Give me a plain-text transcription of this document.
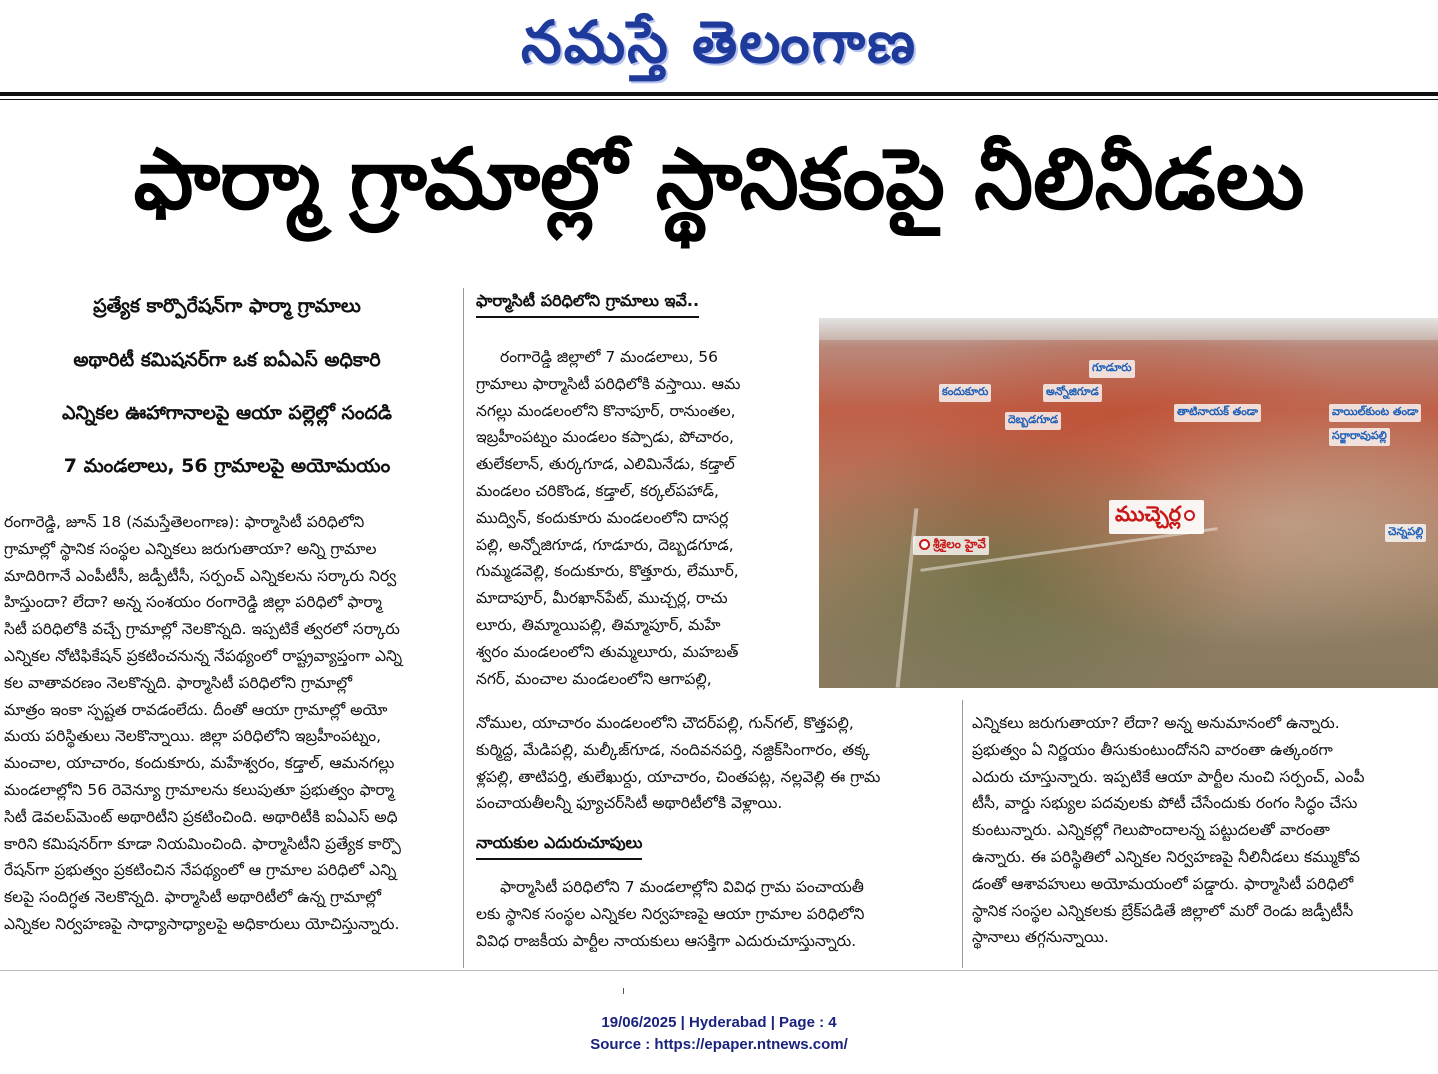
నమస్తే తెలంగాణ
ఫార్మా గ్రామాల్లో స్థానికంపై నీలినీడలు
ప్రత్యేక కార్పొరేషన్‌గా ఫార్మా గ్రామాలు
అథారిటీ కమిషనర్‌గా ఒక ఐఏఎస్ అధికారి
ఎన్నికల ఊహాగానాలపై ఆయా పల్లెల్లో సందడి
7 మండలాలు, 56 గ్రామాలపై అయోమయం

రంగారెడ్డి, జూన్ 18 (నమస్తేతెలంగాణ): ఫార్మాసిటీ పరిధిలోని

గ్రామాల్లో స్థానిక సంస్థల ఎన్నికలు జరుగుతాయా? అన్ని గ్రామాల

మాదిరిగానే ఎంపీటీసీ, జడ్పీటీసీ, సర్పంచ్ ఎన్నికలను సర్కారు నిర్వ

హిస్తుందా? లేదా? అన్న సంశయం రంగారెడ్డి జిల్లా పరిధిలో ఫార్మా

సిటీ పరిధిలోకి వచ్చే గ్రామాల్లో నెలకొన్నది. ఇప్పటికే త్వరలో సర్కారు

ఎన్నికల నోటిఫికేషన్ ప్రకటించనున్న నేపథ్యంలో రాష్ట్రవ్యాప్తంగా ఎన్ని

కల వాతావరణం నెలకొన్నది. ఫార్మాసిటీ పరిధిలోని గ్రామాల్లో

మాత్రం ఇంకా స్పష్టత రావడంలేదు. దీంతో ఆయా గ్రామాల్లో అయో

మయ పరిస్థితులు నెలకొన్నాయి. జిల్లా పరిధిలోని ఇబ్రహీంపట్నం,

మంచాల, యాచారం, కందుకూరు, మహేశ్వరం, కడ్తాల్, ఆమనగల్లు

మండలాల్లోని 56 రెవెన్యూ గ్రామాలను కలుపుతూ ప్రభుత్వం ఫార్మా

సిటీ డెవలప్‌మెంట్ అథారిటీని ప్రకటించింది. అథారిటీకి ఐఏఎస్ అధి

కారిని కమిషనర్‌గా కూడా నియమించింది. ఫార్మాసిటీని ప్రత్యేక కార్పొ

రేషన్‌గా ప్రభుత్వం ప్రకటించిన నేపథ్యంలో ఆ గ్రామాల పరిధిలో ఎన్ని

కలపై సందిగ్ధత నెలకొన్నది. ఫార్మాసిటీ అథారిటీలో ఉన్న గ్రామాల్లో

ఎన్నికల నిర్వహణపై సాధ్యాసాధ్యాలపై అధికారులు యోచిస్తున్నారు.

ఫార్మాసిటీ పరిధిలోని గ్రామాలు ఇవే..

రంగారెడ్డి జిల్లాలో 7 మండలాలు, 56

గ్రామాలు ఫార్మాసిటీ పరిధిలోకి వస్తాయి. ఆమ

నగల్లు మండలంలోని కొనాపూర్, రానుంతల,

ఇబ్రహీంపట్నం మండలం కప్పాడు, పోచారం,

తులేకలాన్, తుర్కగూడ, ఎలిమినేడు, కడ్తాల్

మండలం చరికొండ, కడ్తాల్, కర్కల్‌పహాడ్,

ముద్విన్, కందుకూరు మండలంలోని దాసర్ల

పల్లి, అన్నోజిగూడ, గూడూరు, దెబ్బడగూడ,

గుమ్మడవెల్లి, కందుకూరు, కొత్తూరు, లేమూర్,

మాదాపూర్, మీరఖాన్‌పేట్, ముచ్చర్ల, రాచు

లూరు, తిమ్మాయిపల్లి, తిమ్మాపూర్, మహే

శ్వరం మండలంలోని తుమ్మలూరు, మహబత్

నగర్, మంచాల మండలంలోని ఆగాపల్లి,

నోముల, యాచారం మండలంలోని చౌదర్‌పల్లి, గున్‌గల్, కొత్తపల్లి,

కుర్మిద్ద, మేడిపల్లి, మల్కీజ్‌గూడ, నందివనపర్తి, నజ్దిక్‌సింగారం, తక్క

ళ్లపల్లి, తాటిపర్తి, తులేఖుర్దు, యాచారం, చింతపట్ల, నల్లవెల్లి ఈ గ్రామ

పంచాయతీలన్నీ ఫ్యూచర్‌సిటీ అథారిటీలోకి వెళ్లాయి.

నాయకుల ఎదురుచూపులు

ఫార్మాసిటీ పరిధిలోని 7 మండలాల్లోని వివిధ గ్రామ పంచాయతీ

లకు స్థానిక సంస్థల ఎన్నికల నిర్వహణపై ఆయా గ్రామాల పరిధిలోని

వివిధ రాజకీయ పార్టీల నాయకులు ఆసక్తిగా ఎదురుచూస్తున్నారు.

గూడూరు
కందుకూరు	అన్నోజిగూడ
దెబ్బడగూడ
తాటినాయక్ తండా	వాయిల్‌కుంట తండా
సర్జారావుపల్లి
ముచ్చెర్ల
శ్రీశైలం హైవే
చెన్నపల్లి

ఎన్నికలు జరుగుతాయా? లేదా? అన్న అనుమానంలో ఉన్నారు.

ప్రభుత్వం ఏ నిర్ణయం తీసుకుంటుందోనని వారంతా ఉత్కంఠగా

ఎదురు చూస్తున్నారు. ఇప్పటికే ఆయా పార్టీల నుంచి సర్పంచ్, ఎంపీ

టీసీ, వార్డు సభ్యుల పదవులకు పోటీ చేసేందుకు రంగం సిద్ధం చేసు

కుంటున్నారు. ఎన్నికల్లో గెలుపొందాలన్న పట్టుదలతో వారంతా

ఉన్నారు. ఈ పరిస్థితిలో ఎన్నికల నిర్వహణపై నీలినీడలు కమ్ముకోవ

డంతో ఆశావహులు అయోమయంలో పడ్డారు. ఫార్మాసిటీ పరిధిలో

స్థానిక సంస్థల ఎన్నికలకు బ్రేక్‌పడితే జిల్లాలో మరో రెండు జడ్పీటీసీ

స్థానాలు తగ్గనున్నాయి.

19/06/2025 | Hyderabad | Page : 4
Source : https://epaper.ntnews.com/
